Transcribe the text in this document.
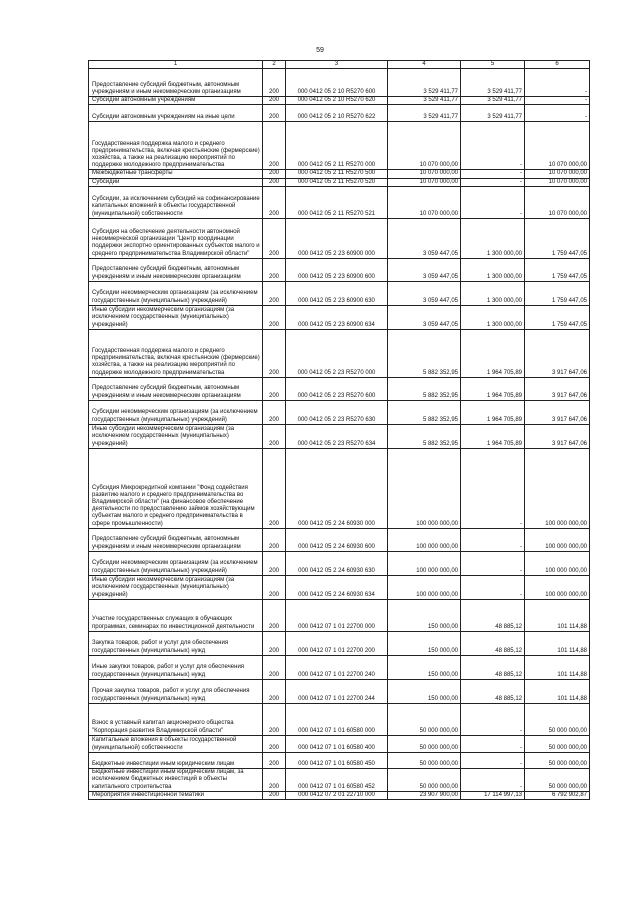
59
1	2	3	4	5	6
Предоставление субсидий бюджетным, автономным учреждениям и иным некоммерческим организациям	200	000 0412 05 2 10 R5270 600	3 529 411,77	3 529 411,77	-
Субсидии автономным учреждениям	200	000 0412 05 2 10 R5270 620	3 529 411,77	3 529 411,77	-
Субсидии автономным учреждениям на иные цели	200	000 0412 05 2 10 R5270 622	3 529 411,77	3 529 411,77	-
Государственная поддержка малого и среднего предпринимательства, включая крестьянские (фермерские) хозяйства, а также на реализацию мероприятий по поддержке молодежного предпринимательства	200	000 0412 05 2 11 R5270 000	10 070 000,00	-	10 070 000,00
Межбюджетные трансферты	200	000 0412 05 2 11 R5270 500	10 070 000,00	-	10 070 000,00
Субсидии	200	000 0412 05 2 11 R5270 520	10 070 000,00	-	10 070 000,00
Субсидии, за исключением субсидий на софинансирование капитальных вложений в объекты государственной (муниципальной) собственности	200	000 0412 05 2 11 R5270 521	10 070 000,00	-	10 070 000,00
Субсидия на обеспечение деятельности автономной некоммерческой организации "Центр координации поддержки экспортно ориентированных субъектов малого и среднего предпринимательства Владимирской области"	200	000 0412 05 2 23 60900 000	3 059 447,05	1 300 000,00	1 759 447,05
Предоставление субсидий бюджетным, автономным учреждениям и иным некоммерческим организациям	200	000 0412 05 2 23 60900 600	3 059 447,05	1 300 000,00	1 759 447,05
Субсидии некоммерческим организациям (за исключением государственных (муниципальных) учреждений)	200	000 0412 05 2 23 60900 630	3 059 447,05	1 300 000,00	1 759 447,05
Иные субсидии некоммерческим организациям (за исключением государственных (муниципальных) учреждений)	200	000 0412 05 2 23 60900 634	3 059 447,05	1 300 000,00	1 759 447,05
Государственная поддержка малого и среднего предпринимательства, включая крестьянские (фермерские) хозяйства, а также на реализацию мероприятий по поддержке молодежного предпринимательства	200	000 0412 05 2 23 R5270 000	5 882 352,95	1 964 705,89	3 917 647,06
Предоставление субсидий бюджетным, автономным учреждениям и иным некоммерческим организациям	200	000 0412 05 2 23 R5270 600	5 882 352,95	1 964 705,89	3 917 647,06
Субсидии некоммерческим организациям (за исключением государственных (муниципальных) учреждений)	200	000 0412 05 2 23 R5270 630	5 882 352,95	1 964 705,89	3 917 647,06
Иные субсидии некоммерческим организациям (за исключением государственных (муниципальных) учреждений)	200	000 0412 05 2 23 R5270 634	5 882 352,95	1 964 705,89	3 917 647,06
Субсидия Микрокредитной компании "Фонд содействия развитию малого и среднего предпринимательства во Владимирской области" (на финансовое обеспечение деятельности по предоставлению займов хозяйствующим субъектам малого и среднего предпринимательства в сфере промышленности)	200	000 0412 05 2 24 60930 000	100 000 000,00	-	100 000 000,00
Предоставление субсидий бюджетным, автономным учреждениям и иным некоммерческим организациям	200	000 0412 05 2 24 60930 600	100 000 000,00	-	100 000 000,00
Субсидии некоммерческим организациям (за исключением государственных (муниципальных) учреждений)	200	000 0412 05 2 24 60930 630	100 000 000,00	-	100 000 000,00
Иные субсидии некоммерческим организациям (за исключением государственных (муниципальных) учреждений)	200	000 0412 05 2 24 60930 634	100 000 000,00	-	100 000 000,00
Участие государственных служащих в обучающих программах, семинарах по инвестиционной деятельности	200	000 0412 07 1 01 22700 000	150 000,00	48 885,12	101 114,88
Закупка товаров, работ и услуг для обеспечения государственных (муниципальных) нужд	200	000 0412 07 1 01 22700 200	150 000,00	48 885,12	101 114,88
Иные закупки товаров, работ и услуг для обеспечения государственных (муниципальных) нужд	200	000 0412 07 1 01 22700 240	150 000,00	48 885,12	101 114,88
Прочая закупка товаров, работ и услуг для обеспечения государственных (муниципальных) нужд	200	000 0412 07 1 01 22700 244	150 000,00	48 885,12	101 114,88
Взнос в уставный капитал акционерного общества "Корпорация развития Владимирской области"	200	000 0412 07 1 01 60580 000	50 000 000,00	-	50 000 000,00
Капитальные вложения в объекты государственной (муниципальной) собственности	200	000 0412 07 1 01 60580 400	50 000 000,00	-	50 000 000,00
Бюджетные инвестиции иным юридическим лицам	200	000 0412 07 1 01 60580 450	50 000 000,00	-	50 000 000,00
Бюджетные инвестиции иным юридическим лицам, за исключением бюджетных инвестиций в объекты капитального строительства	200	000 0412 07 1 01 60580 452	50 000 000,00	-	50 000 000,00
Мероприятия инвестиционной тематики	200	000 0412 07 2 01 22710 000	23 907 900,00	17 114 997,13	6 792 902,87
